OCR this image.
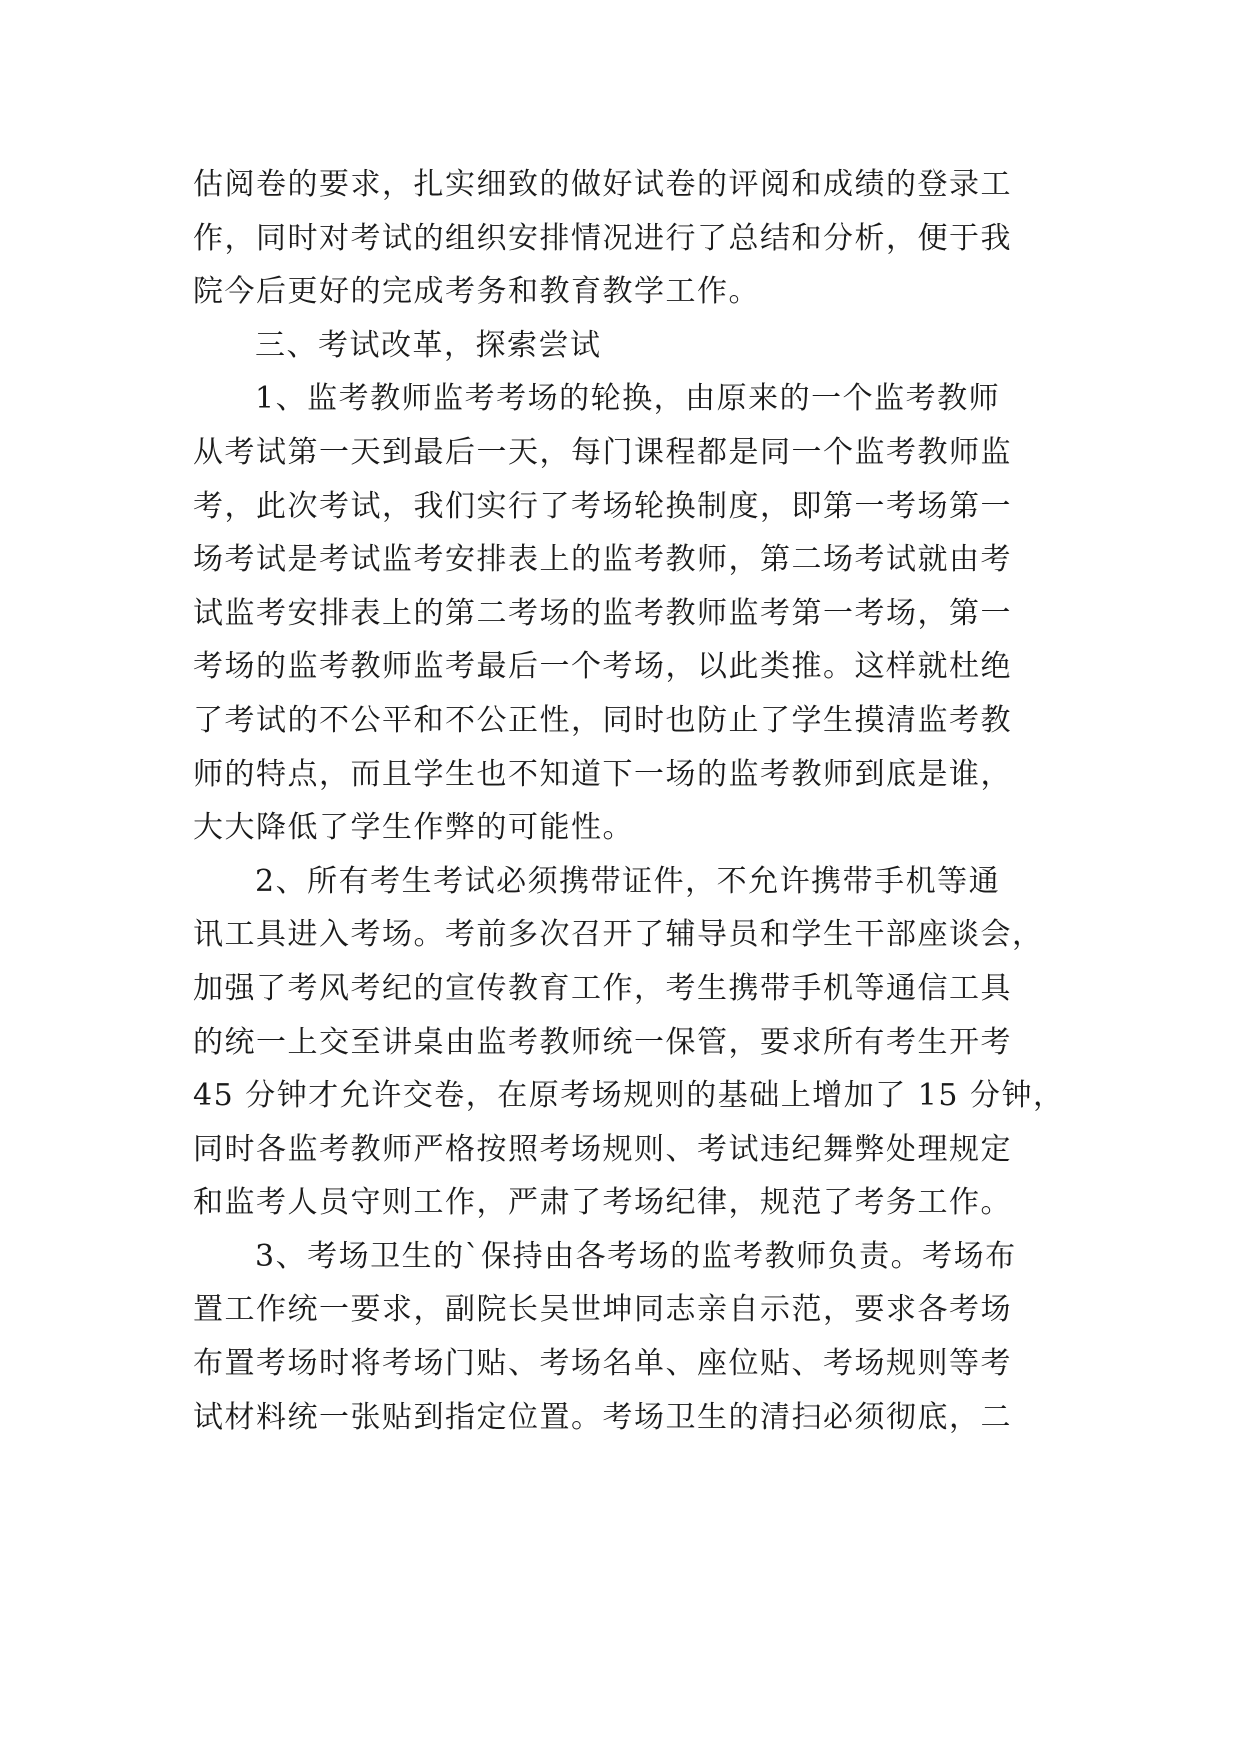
估阅卷的要求，扎实细致的做好试卷的评阅和成绩的登录工
作，同时对考试的组织安排情况进行了总结和分析，便于我
院今后更好的完成考务和教育教学工作。
三、考试改革，探索尝试
1、监考教师监考考场的轮换，由原来的一个监考教师
从考试第一天到最后一天，每门课程都是同一个监考教师监
考，此次考试，我们实行了考场轮换制度，即第一考场第一
场考试是考试监考安排表上的监考教师，第二场考试就由考
试监考安排表上的第二考场的监考教师监考第一考场，第一
考场的监考教师监考最后一个考场，以此类推。这样就杜绝
了考试的不公平和不公正性，同时也防止了学生摸清监考教
师的特点，而且学生也不知道下一场的监考教师到底是谁，
大大降低了学生作弊的可能性。
2、所有考生考试必须携带证件，不允许携带手机等通
讯工具进入考场。考前多次召开了辅导员和学生干部座谈会，
加强了考风考纪的宣传教育工作，考生携带手机等通信工具
的统一上交至讲桌由监考教师统一保管，要求所有考生开考
45 分钟才允许交卷，在原考场规则的基础上增加了 15 分钟，
同时各监考教师严格按照考场规则、考试违纪舞弊处理规定
和监考人员守则工作，严肃了考场纪律，规范了考务工作。
3、考场卫生的`保持由各考场的监考教师负责。考场布
置工作统一要求，副院长吴世坤同志亲自示范，要求各考场
布置考场时将考场门贴、考场名单、座位贴、考场规则等考
试材料统一张贴到指定位置。考场卫生的清扫必须彻底，二
